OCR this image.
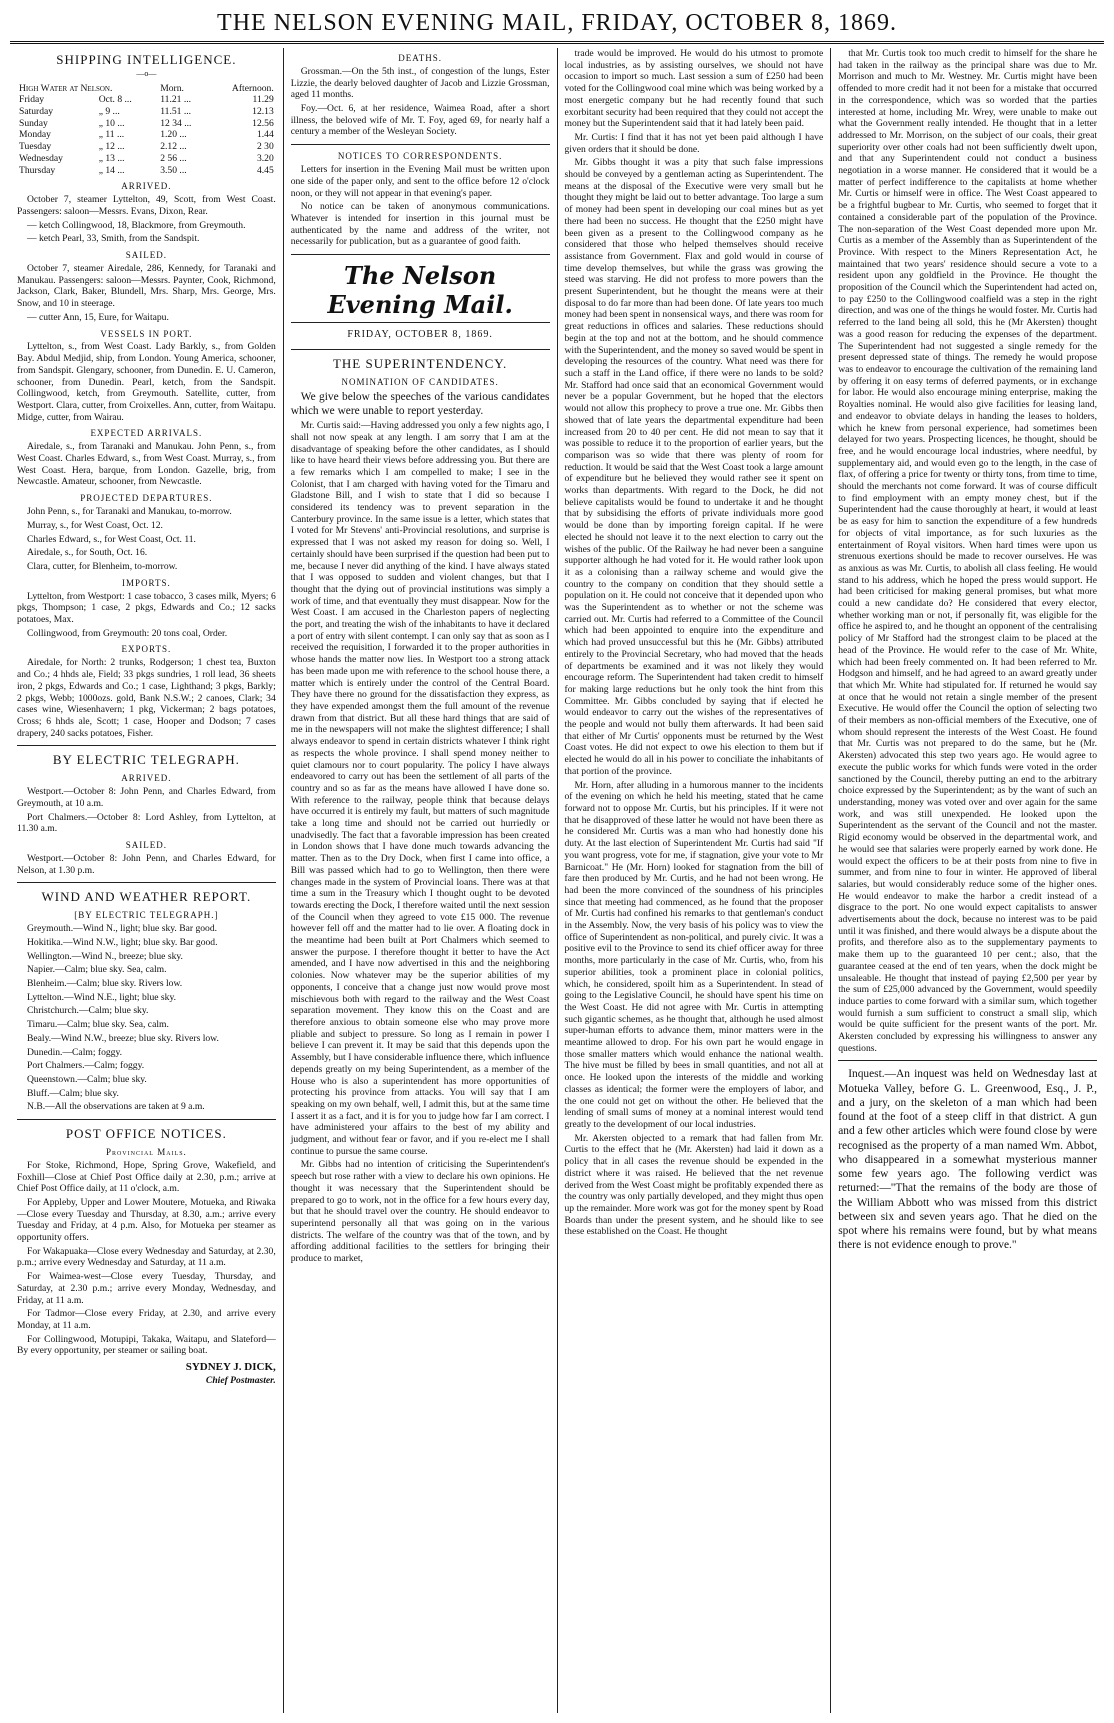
THE NELSON EVENING MAIL, FRIDAY, OCTOBER 8, 1869.
SHIPPING INTELLIGENCE.
—o—
High Water at Nelson.		Morn.	Afternoon.
Friday	Oct. 8 ...	11.21 ...	11.29
Saturday	„ 9 ...	11.51 ...	12.13
Sunday	„ 10 ...	12 34 ...	12.56
Monday	„ 11 ...	1.20 ...	1.44
Tuesday	„ 12 ...	2.12 ...	2 30
Wednesday	„ 13 ...	2 56 ...	3.20
Thursday	„ 14 ...	3.50 ...	4.45
ARRIVED.

October 7, steamer Lyttelton, 49, Scott, from West Coast. Passengers: saloon—Messrs. Evans, Dixon, Rear.

— ketch Collingwood, 18, Blackmore, from Greymouth.

— ketch Pearl, 33, Smith, from the Sandspit.

SAILED.

October 7, steamer Airedale, 286, Kennedy, for Taranaki and Manukau. Passengers: saloon—Messrs. Paynter, Cook, Richmond, Jackson, Clark, Baker, Blundell, Mrs. Sharp, Mrs. George, Mrs. Snow, and 10 in steerage.

— cutter Ann, 15, Eure, for Waitapu.

VESSELS IN PORT.

Lyttelton, s., from West Coast. Lady Barkly, s., from Golden Bay. Abdul Medjid, ship, from London. Young America, schooner, from Sandspit. Glengary, schooner, from Dunedin. E. U. Cameron, schooner, from Dunedin. Pearl, ketch, from the Sandspit. Collingwood, ketch, from Greymouth. Satellite, cutter, from Westport. Clara, cutter, from Croixelles. Ann, cutter, from Waitapu. Midge, cutter, from Wairau.

EXPECTED ARRIVALS.

Airedale, s., from Taranaki and Manukau. John Penn, s., from West Coast. Charles Edward, s., from West Coast. Murray, s., from West Coast. Hera, barque, from London. Gazelle, brig, from Newcastle. Amateur, schooner, from Newcastle.

PROJECTED DEPARTURES.

John Penn, s., for Taranaki and Manukau, to-morrow.

Murray, s., for West Coast, Oct. 12.

Charles Edward, s., for West Coast, Oct. 11.

Airedale, s., for South, Oct. 16.

Clara, cutter, for Blenheim, to-morrow.

IMPORTS.

Lyttelton, from Westport: 1 case tobacco, 3 cases milk, Myers; 6 pkgs, Thompson; 1 case, 2 pkgs, Edwards and Co.; 12 sacks potatoes, Max.

Collingwood, from Greymouth: 20 tons coal, Order.

EXPORTS.

Airedale, for North: 2 trunks, Rodgerson; 1 chest tea, Buxton and Co.; 4 hhds ale, Field; 33 pkgs sundries, 1 roll lead, 36 sheets iron, 2 pkgs, Edwards and Co.; 1 case, Lighthand; 3 pkgs, Barkly; 2 pkgs, Webb; 1000ozs. gold, Bank N.S.W.; 2 canoes, Clark; 34 cases wine, Wiesenhavern; 1 pkg, Vickerman; 2 bags potatoes, Cross; 6 hhds ale, Scott; 1 case, Hooper and Dodson; 7 cases drapery, 240 sacks potatoes, Fisher.

BY ELECTRIC TELEGRAPH.
ARRIVED.

Westport.—October 8: John Penn, and Charles Edward, from Greymouth, at 10 a.m.

Port Chalmers.—October 8: Lord Ashley, from Lyttelton, at 11.30 a.m.

SAILED.

Westport.—October 8: John Penn, and Charles Edward, for Nelson, at 1.30 p.m.

WIND AND WEATHER REPORT.
[BY ELECTRIC TELEGRAPH.]

Greymouth.—Wind N., light; blue sky. Bar good.

Hokitika.—Wind N.W., light; blue sky. Bar good.

Wellington.—Wind N., breeze; blue sky.

Napier.—Calm; blue sky. Sea, calm.

Blenheim.—Calm; blue sky. Rivers low.

Lyttelton.—Wind N.E., light; blue sky.

Christchurch.—Calm; blue sky.

Timaru.—Calm; blue sky. Sea, calm.

Bealy.—Wind N.W., breeze; blue sky. Rivers low.

Dunedin.—Calm; foggy.

Port Chalmers.—Calm; foggy.

Queenstown.—Calm; blue sky.

Bluff.—Calm; blue sky.

N.B.—All the observations are taken at 9 a.m.

POST OFFICE NOTICES.
Provincial Mails.

For Stoke, Richmond, Hope, Spring Grove, Wakefield, and Foxhill—Close at Chief Post Office daily at 2.30, p.m.; arrive at Chief Post Office daily, at 11 o'clock, a.m.

For Appleby, Upper and Lower Moutere, Motueka, and Riwaka—Close every Tuesday and Thursday, at 8.30, a.m.; arrive every Tuesday and Friday, at 4 p.m. Also, for Motueka per steamer as opportunity offers.

For Wakapuaka—Close every Wednesday and Saturday, at 2.30, p.m.; arrive every Wednesday and Saturday, at 11 a.m.

For Waimea-west—Close every Tuesday, Thursday, and Saturday, at 2.30 p.m.; arrive every Monday, Wednesday, and Friday, at 11 a.m.

For Tadmor—Close every Friday, at 2.30, and arrive every Monday, at 11 a.m.

For Collingwood, Motupipi, Takaka, Waitapu, and Slateford—By every opportunity, per steamer or sailing boat.

SYDNEY J. DICK,
Chief Postmaster.
DEATHS.

Grossman.—On the 5th inst., of congestion of the lungs, Ester Lizzie, the dearly beloved daughter of Jacob and Lizzie Grossman, aged 11 months.

Foy.—Oct. 6, at her residence, Waimea Road, after a short illness, the beloved wife of Mr. T. Foy, aged 69, for nearly half a century a member of the Wesleyan Society.

NOTICES TO CORRESPONDENTS.

Letters for insertion in the Evening Mail must be written upon one side of the paper only, and sent to the office before 12 o'clock noon, or they will not appear in that evening's paper.

No notice can be taken of anonymous communications. Whatever is intended for insertion in this journal must be authenticated by the name and address of the writer, not necessarily for publication, but as a guarantee of good faith.

The Nelson Evening Mail.
FRIDAY, OCTOBER 8, 1869.
THE SUPERINTENDENCY.
NOMINATION OF CANDIDATES.

We give below the speeches of the various candidates which we were unable to report yesterday.

Mr. Curtis said:—Having addressed you only a few nights ago, I shall not now speak at any length. I am sorry that I am at the disadvantage of speaking before the other candidates, as I should like to have heard their views before addressing you. But there are a few remarks which I am compelled to make; I see in the Colonist, that I am charged with having voted for the Timaru and Gladstone Bill, and I wish to state that I did so because I considered its tendency was to prevent separation in the Canterbury province. In the same issue is a letter, which states that I voted for Mr Stevens' anti-Provincial resolutions, and surprise is expressed that I was not asked my reason for doing so. Well, I certainly should have been surprised if the question had been put to me, because I never did anything of the kind. I have always stated that I was opposed to sudden and violent changes, but that I thought that the dying out of provincial institutions was simply a work of time, and that eventually they must disappear. Now for the West Coast. I am accused in the Charleston papers of neglecting the port, and treating the wish of the inhabitants to have it declared a port of entry with silent contempt. I can only say that as soon as I received the requisition, I forwarded it to the proper authorities in whose hands the matter now lies. In Westport too a strong attack has been made upon me with reference to the school house there, a matter which is entirely under the control of the Central Board. They have there no ground for the dissatisfaction they express, as they have expended amongst them the full amount of the revenue drawn from that district. But all these hard things that are said of me in the newspapers will not make the slightest difference; I shall always endeavor to spend in certain districts whatever I think right as respects the whole province. I shall spend money neither to quiet clamours nor to court popularity. The policy I have always endeavored to carry out has been the settlement of all parts of the country and so as far as the means have allowed I have done so. With reference to the railway, people think that because delays have occurred it is entirely my fault, but matters of such magnitude take a long time and should not be carried out hurriedly or unadvisedly. The fact that a favorable impression has been created in London shows that I have done much towards advancing the matter. Then as to the Dry Dock, when first I came into office, a Bill was passed which had to go to Wellington, then there were changes made in the system of Provincial loans. There was at that time a sum in the Treasury which I thought ought to be devoted towards erecting the Dock, I therefore waited until the next session of the Council when they agreed to vote £15 000. The revenue however fell off and the matter had to lie over. A floating dock in the meantime had been built at Port Chalmers which seemed to answer the purpose. I therefore thought it better to have the Act amended, and I have now advertised in this and the neighboring colonies. Now whatever may be the superior abilities of my opponents, I conceive that a change just now would prove most mischievous both with regard to the railway and the West Coast separation movement. They know this on the Coast and are therefore anxious to obtain someone else who may prove more pliable and subject to pressure. So long as I remain in power I believe I can prevent it. It may be said that this depends upon the Assembly, but I have considerable influence there, which influence depends greatly on my being Superintendent, as a member of the House who is also a superintendent has more opportunities of protecting his province from attacks. You will say that I am speaking on my own behalf, well, I admit this, but at the same time I assert it as a fact, and it is for you to judge how far I am correct. I have administered your affairs to the best of my ability and judgment, and without fear or favor, and if you re-elect me I shall continue to pursue the same course.

Mr. Gibbs had no intention of criticising the Superintendent's speech but rose rather with a view to declare his own opinions. He thought it was necessary that the Superintendent should be prepared to go to work, not in the office for a few hours every day, but that he should travel over the country. He should endeavor to superintend personally all that was going on in the various districts. The welfare of the country was that of the town, and by affording additional facilities to the settlers for bringing their produce to market,

trade would be improved. He would do his utmost to promote local industries, as by assisting ourselves, we should not have occasion to import so much. Last session a sum of £250 had been voted for the Collingwood coal mine which was being worked by a most energetic company but he had recently found that such exorbitant security had been required that they could not accept the money but the Superintendent said that it had lately been paid.

Mr. Curtis: I find that it has not yet been paid although I have given orders that it should be done.

Mr. Gibbs thought it was a pity that such false impressions should be conveyed by a gentleman acting as Superintendent. The means at the disposal of the Executive were very small but he thought they might be laid out to better advantage. Too large a sum of money had been spent in developing our coal mines but as yet there had been no success. He thought that the £250 might have been given as a present to the Collingwood company as he considered that those who helped themselves should receive assistance from Government. Flax and gold would in course of time develop themselves, but while the grass was growing the steed was starving. He did not profess to more powers than the present Superintendent, but he thought the means were at their disposal to do far more than had been done. Of late years too much money had been spent in nonsensical ways, and there was room for great reductions in offices and salaries. These reductions should begin at the top and not at the bottom, and he should commence with the Superintendent, and the money so saved would be spent in developing the resources of the country. What need was there for such a staff in the Land office, if there were no lands to be sold? Mr. Stafford had once said that an economical Government would never be a popular Government, but he hoped that the electors would not allow this prophecy to prove a true one. Mr. Gibbs then showed that of late years the departmental expenditure had been increased from 20 to 40 per cent. He did not mean to say that it was possible to reduce it to the proportion of earlier years, but the comparison was so wide that there was plenty of room for reduction. It would be said that the West Coast took a large amount of expenditure but he believed they would rather see it spent on works than departments. With regard to the Dock, he did not believe capitalists would be found to undertake it and he thought that by subsidising the efforts of private individuals more good would be done than by importing foreign capital. If he were elected he should not leave it to the next election to carry out the wishes of the public. Of the Railway he had never been a sanguine supporter although he had voted for it. He would rather look upon it as a colonising than a railway scheme and would give the country to the company on condition that they should settle a population on it. He could not conceive that it depended upon who was the Superintendent as to whether or not the scheme was carried out. Mr. Curtis had referred to a Committee of the Council which had been appointed to enquire into the expenditure and which had proved unsuccessful but this he (Mr. Gibbs) attributed entirely to the Provincial Secretary, who had moved that the heads of departments be examined and it was not likely they would encourage reform. The Superintendent had taken credit to himself for making large reductions but he only took the hint from this Committee. Mr. Gibbs concluded by saying that if elected he would endeavor to carry out the wishes of the representatives of the people and would not bully them afterwards. It had been said that either of Mr Curtis' opponents must be returned by the West Coast votes. He did not expect to owe his election to them but if elected he would do all in his power to conciliate the inhabitants of that portion of the province.

Mr. Horn, after alluding in a humorous manner to the incidents of the evening on which he held his meeting, stated that he came forward not to oppose Mr. Curtis, but his principles. If it were not that he disapproved of these latter he would not have been there as he considered Mr. Curtis was a man who had honestly done his duty. At the last election of Superintendent Mr. Curtis had said "If you want progress, vote for me, if stagnation, give your vote to Mr Barnicoat." He (Mr. Horn) looked for stagnation from the bill of fare then produced by Mr. Curtis, and he had not been wrong. He had been the more convinced of the soundness of his principles since that meeting had commenced, as he found that the proposer of Mr. Curtis had confined his remarks to that gentleman's conduct in the Assembly. Now, the very basis of his policy was to view the office of Superintendent as non-political, and purely civic. It was a positive evil to the Province to send its chief officer away for three months, more particularly in the case of Mr. Curtis, who, from his superior abilities, took a prominent place in colonial politics, which, he considered, spoilt him as a Superintendent. In stead of going to the Legislative Council, he should have spent his time on the West Coast. He did not agree with Mr. Curtis in attempting such gigantic schemes, as he thought that, although he used almost super-human efforts to advance them, minor matters were in the meantime allowed to drop. For his own part he would engage in those smaller matters which would enhance the national wealth. The hive must be filled by bees in small quantities, and not all at once. He looked upon the interests of the middle and working classes as identical; the former were the employers of labor, and the one could not get on without the other. He believed that the lending of small sums of money at a nominal interest would tend greatly to the development of our local industries.

Mr. Akersten objected to a remark that had fallen from Mr. Curtis to the effect that he (Mr. Akersten) had laid it down as a policy that in all cases the revenue should be expended in the district where it was raised. He believed that the net revenue derived from the West Coast might be profitably expended there as the country was only partially developed, and they might thus open up the remainder. More work was got for the money spent by Road Boards than under the present system, and he should like to see these established on the Coast. He thought

that Mr. Curtis took too much credit to himself for the share he had taken in the railway as the principal share was due to Mr. Morrison and much to Mr. Westney. Mr. Curtis might have been offended to more credit had it not been for a mistake that occurred in the correspondence, which was so worded that the parties interested at home, including Mr. Wrey, were unable to make out what the Government really intended. He thought that in a letter addressed to Mr. Morrison, on the subject of our coals, their great superiority over other coals had not been sufficiently dwelt upon, and that any Superintendent could not conduct a business negotiation in a worse manner. He considered that it would be a matter of perfect indifference to the capitalists at home whether Mr. Curtis or himself were in office. The West Coast appeared to be a frightful bugbear to Mr. Curtis, who seemed to forget that it contained a considerable part of the population of the Province. The non-separation of the West Coast depended more upon Mr. Curtis as a member of the Assembly than as Superintendent of the Province. With respect to the Miners Representation Act, he maintained that two years' residence should secure a vote to a resident upon any goldfield in the Province. He thought the proposition of the Council which the Superintendent had acted on, to pay £250 to the Collingwood coalfield was a step in the right direction, and was one of the things he would foster. Mr. Curtis had referred to the land being all sold, this he (Mr Akersten) thought was a good reason for reducing the expenses of the department. The Superintendent had not suggested a single remedy for the present depressed state of things. The remedy he would propose was to endeavor to encourage the cultivation of the remaining land by offering it on easy terms of deferred payments, or in exchange for labor. He would also encourage mining enterprise, making the Royalties nominal. He would also give facilities for leasing land, and endeavor to obviate delays in handing the leases to holders, which he knew from personal experience, had sometimes been delayed for two years. Prospecting licences, he thought, should be free, and he would encourage local industries, where needful, by supplementary aid, and would even go to the length, in the case of flax, of offering a price for twenty or thirty tons, from time to time, should the merchants not come forward. It was of course difficult to find employment with an empty money chest, but if the Superintendent had the cause thoroughly at heart, it would at least be as easy for him to sanction the expenditure of a few hundreds for objects of vital importance, as for such luxuries as the entertainment of Royal visitors. When hard times were upon us strenuous exertions should be made to recover ourselves. He was as anxious as was Mr. Curtis, to abolish all class feeling. He would stand to his address, which he hoped the press would support. He had been criticised for making general promises, but what more could a new candidate do? He considered that every elector, whether working man or not, if personally fit, was eligible for the office he aspired to, and he thought an opponent of the centralising policy of Mr Stafford had the strongest claim to be placed at the head of the Province. He would refer to the case of Mr. White, which had been freely commented on. It had been referred to Mr. Hodgson and himself, and he had agreed to an award greatly under that which Mr. White had stipulated for. If returned he would say at once that he would not retain a single member of the present Executive. He would offer the Council the option of selecting two of their members as non-official members of the Executive, one of whom should represent the interests of the West Coast. He found that Mr. Curtis was not prepared to do the same, but he (Mr. Akersten) advocated this step two years ago. He would agree to execute the public works for which funds were voted in the order sanctioned by the Council, thereby putting an end to the arbitrary choice expressed by the Superintendent; as by the want of such an understanding, money was voted over and over again for the same work, and was still unexpended. He looked upon the Superintendent as the servant of the Council and not the master. Rigid economy would be observed in the departmental work, and he would see that salaries were properly earned by work done. He would expect the officers to be at their posts from nine to five in summer, and from nine to four in winter. He approved of liberal salaries, but would considerably reduce some of the higher ones. He would endeavor to make the harbor a credit instead of a disgrace to the port. No one would expect capitalists to answer advertisements about the dock, because no interest was to be paid until it was finished, and there would always be a dispute about the profits, and therefore also as to the supplementary payments to make them up to the guaranteed 10 per cent.; also, that the guarantee ceased at the end of ten years, when the dock might be unsaleable. He thought that instead of paying £2,500 per year by the sum of £25,000 advanced by the Government, would speedily induce parties to come forward with a similar sum, which together would furnish a sum sufficient to construct a small slip, which would be quite sufficient for the present wants of the port. Mr. Akersten concluded by expressing his willingness to answer any questions.

Inquest.—An inquest was held on Wednesday last at Motueka Valley, before G. L. Greenwood, Esq., J. P., and a jury, on the skeleton of a man which had been found at the foot of a steep cliff in that district. A gun and a few other articles which were found close by were recognised as the property of a man named Wm. Abbot, who disappeared in a somewhat mysterious manner some few years ago. The following verdict was returned:—"That the remains of the body are those of the William Abbott who was missed from this district between six and seven years ago. That he died on the spot where his remains were found, but by what means there is not evidence enough to prove."
